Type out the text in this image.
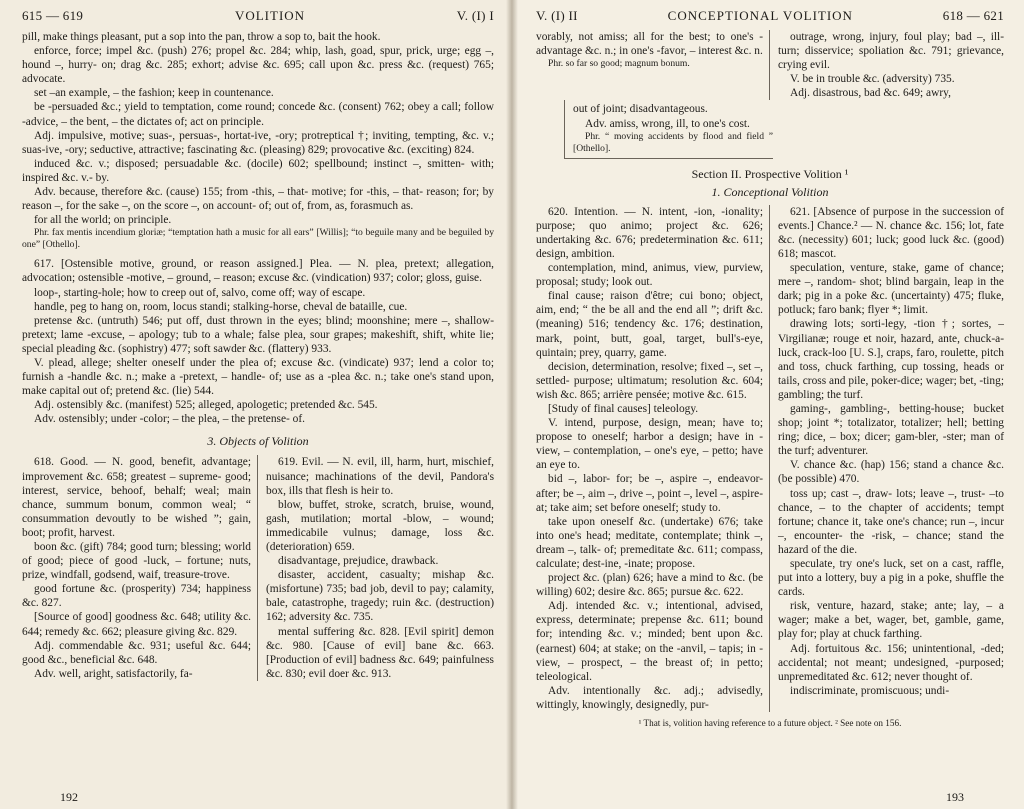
615 — 619	VOLITION	V. (I) I

pill, make things pleasant, put a sop into the pan, throw a sop to, bait the hook.

enforce, force; impel &c. (push) 276; propel &c. 284; whip, lash, goad, spur, prick, urge; egg –, hound –, hurry- on; drag &c. 285; exhort; advise &c. 695; call upon &c. press &c. (request) 765; advocate.

set –an example, – the fashion; keep in countenance.

be -persuaded &c.; yield to temptation, come round; concede &c. (consent) 762; obey a call; follow -advice, – the bent, – the dictates of; act on principle.

Adj. impulsive, motive; suas-, persuas-, hortat-ive, -ory; protreptical †; inviting, tempting, &c. v.; suas-ive, -ory; seductive, attractive; fascinating &c. (pleasing) 829; provocative &c. (exciting) 824.

induced &c. v.; disposed; persuadable &c. (docile) 602; spellbound; instinct –, smitten- with; inspired &c. v.- by.

Adv. because, therefore &c. (cause) 155; from -this, – that- motive; for -this, – that- reason; for; by reason –, for the sake –, on the score –, on account- of; out of, from, as, forasmuch as.

for all the world; on principle.

Phr. fax mentis incendium gloriæ; “temptation hath a music for all ears” [Willis]; “to beguile many and be beguiled by one” [Othello].

617. [Ostensible motive, ground, or reason assigned.] Plea. — N. plea, pretext; allegation, advocation; ostensible -motive, – ground, – reason; excuse &c. (vindication) 937; color; gloss, guise.

loop-, starting-hole; how to creep out of, salvo, come off; way of escape.

handle, peg to hang on, room, locus standi; stalking-horse, cheval de bataille, cue.

pretense &c. (untruth) 546; put off, dust thrown in the eyes; blind; moonshine; mere –, shallow- pretext; lame -excuse, – apology; tub to a whale; false plea, sour grapes; makeshift, shift, white lie; special pleading &c. (sophistry) 477; soft sawder &c. (flattery) 933.

V. plead, allege; shelter oneself under the plea of; excuse &c. (vindicate) 937; lend a color to; furnish a -handle &c. n.; make a -pretext, – handle- of; use as a -plea &c. n.; take one's stand upon, make capital out of; pretend &c. (lie) 544.

Adj. ostensibly &c. (manifest) 525; alleged, apologetic; pretended &c. 545.

Adv. ostensibly; under -color; – the plea, – the pretense- of.

3. Objects of Volition

618. Good. — N. good, benefit, advantage; improvement &c. 658; greatest – supreme- good; interest, service, behoof, behalf; weal; main chance, summum bonum, common weal; “ consummation devoutly to be wished ”; gain, boot; profit, harvest.

boon &c. (gift) 784; good turn; blessing; world of good; piece of good -luck, – fortune; nuts, prize, windfall, godsend, waif, treasure-trove.

good fortune &c. (prosperity) 734; happiness &c. 827.

[Source of good] goodness &c. 648; utility &c. 644; remedy &c. 662; pleasure giving &c. 829.

Adj. commendable &c. 931; useful &c. 644; good &c., beneficial &c. 648.

Adv. well, aright, satisfactorily, fa-

619. Evil. — N. evil, ill, harm, hurt, mischief, nuisance; machinations of the devil, Pandora's box, ills that flesh is heir to.

blow, buffet, stroke, scratch, bruise, wound, gash, mutilation; mortal -blow, – wound; immedicabile vulnus; damage, loss &c. (deterioration) 659.

disadvantage, prejudice, drawback.

disaster, accident, casualty; mishap &c. (misfortune) 735; bad job, devil to pay; calamity, bale, catastrophe, tragedy; ruin &c. (destruction) 162; adversity &c. 735.

mental suffering &c. 828. [Evil spirit] demon &c. 980. [Cause of evil] bane &c. 663. [Production of evil] badness &c. 649; painfulness &c. 830; evil doer &c. 913.

192
V. (I) II	CONCEPTIONAL VOLITION	618 — 621

vorably, not amiss; all for the best; to one's -advantage &c. n.; in one's -favor, – interest &c. n.

Phr. so far so good; magnum bonum.

outrage, wrong, injury, foul play; bad –, ill- turn; disservice; spoliation &c. 791; grievance, crying evil.

V. be in trouble &c. (adversity) 735.

Adj. disastrous, bad &c. 649; awry,

out of joint; disadvantageous.

Adv. amiss, wrong, ill, to one's cost.

Phr. “ moving accidents by flood and field ” [Othello].

Section II. Prospective Volition ¹
1. Conceptional Volition

620. Intention. — N. intent, -ion, -ionality; purpose; quo animo; project &c. 626; undertaking &c. 676; predetermination &c. 611; design, ambition.

contemplation, mind, animus, view, purview, proposal; study; look out.

final cause; raison d'être; cui bono; object, aim, end; “ the be all and the end all ”; drift &c. (meaning) 516; tendency &c. 176; destination, mark, point, butt, goal, target, bull's-eye, quintain; prey, quarry, game.

decision, determination, resolve; fixed –, set –, settled- purpose; ultimatum; resolution &c. 604; wish &c. 865; arrière pensée; motive &c. 615.

[Study of final causes] teleology.

V. intend, purpose, design, mean; have to; propose to oneself; harbor a design; have in -view, – contemplation, – one's eye, – petto; have an eye to.

bid –, labor- for; be –, aspire –, endeavor- after; be –, aim –, drive –, point –, level –, aspire- at; take aim; set before oneself; study to.

take upon oneself &c. (undertake) 676; take into one's head; meditate, contemplate; think –, dream –, talk- of; premeditate &c. 611; compass, calculate; dest-ine, -inate; propose.

project &c. (plan) 626; have a mind to &c. (be willing) 602; desire &c. 865; pursue &c. 622.

Adj. intended &c. v.; intentional, advised, express, determinate; prepense &c. 611; bound for; intending &c. v.; minded; bent upon &c. (earnest) 604; at stake; on the -anvil, – tapis; in -view, – prospect, – the breast of; in petto; teleological.

Adv. intentionally &c. adj.; advisedly, wittingly, knowingly, designedly, pur-

621. [Absence of purpose in the succession of events.] Chance.² — N. chance &c. 156; lot, fate &c. (necessity) 601; luck; good luck &c. (good) 618; mascot.

speculation, venture, stake, game of chance; mere –, random- shot; blind bargain, leap in the dark; pig in a poke &c. (uncertainty) 475; fluke, potluck; faro bank; flyer *; limit.

drawing lots; sorti-legy, -tion †; sortes, – Virgilianæ; rouge et noir, hazard, ante, chuck-a-luck, crack-loo [U. S.], craps, faro, roulette, pitch and toss, chuck farthing, cup tossing, heads or tails, cross and pile, poker-dice; wager; bet, -ting; gambling; the turf.

gaming-, gambling-, betting-house; bucket shop; joint *; totalizator, totalizer; hell; betting ring; dice, – box; dicer; gam-bler, -ster; man of the turf; adventurer.

V. chance &c. (hap) 156; stand a chance &c. (be possible) 470.

toss up; cast –, draw- lots; leave –, trust- –to chance, – to the chapter of accidents; tempt fortune; chance it, take one's chance; run –, incur –, encounter- the -risk, – chance; stand the hazard of the die.

speculate, try one's luck, set on a cast, raffle, put into a lottery, buy a pig in a poke, shuffle the cards.

risk, venture, hazard, stake; ante; lay, – a wager; make a bet, wager, bet, gamble, game, play for; play at chuck farthing.

Adj. fortuitous &c. 156; unintentional, -ded; accidental; not meant; undesigned, -purposed; unpremeditated &c. 612; never thought of.

indiscriminate, promiscuous; undi-

¹ That is, volition having reference to a future object. ² See note on 156.
193
